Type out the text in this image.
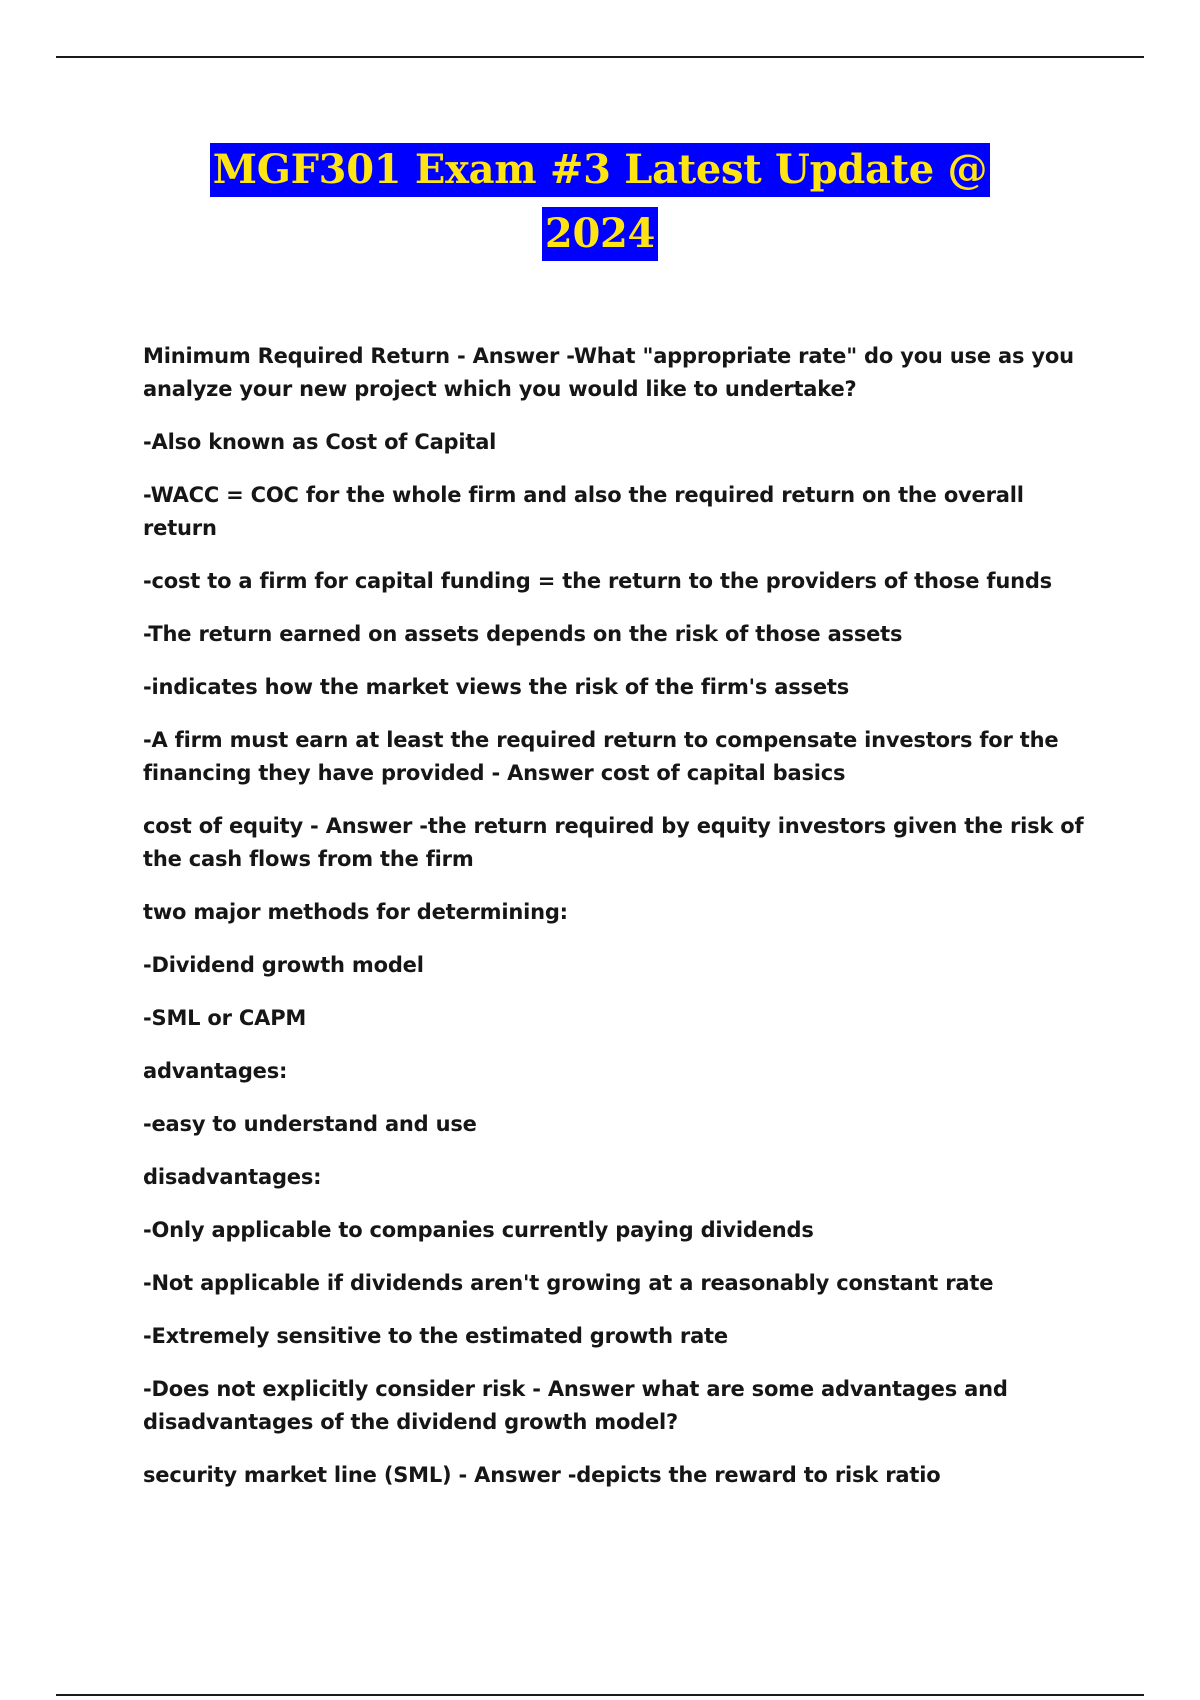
MGF301 Exam #3 Latest Update @
2024

Minimum Required Return - Answer -What "appropriate rate" do you use as you analyze your new project which you would like to undertake?

-Also known as Cost of Capital

-WACC = COC for the whole firm and also the required return on the overall return

-cost to a firm for capital funding = the return to the providers of those funds

-The return earned on assets depends on the risk of those assets

-indicates how the market views the risk of the firm's assets

-A firm must earn at least the required return to compensate investors for the financing they have provided - Answer cost of capital basics

cost of equity - Answer -the return required by equity investors given the risk of the cash flows from the firm

two major methods for determining:

-Dividend growth model

-SML or CAPM

advantages:

-easy to understand and use

disadvantages:

-Only applicable to companies currently paying dividends

-Not applicable if dividends aren't growing at a reasonably constant rate

-Extremely sensitive to the estimated growth rate

-Does not explicitly consider risk - Answer what are some advantages and disadvantages of the dividend growth model?

security market line (SML) - Answer -depicts the reward to risk ratio
